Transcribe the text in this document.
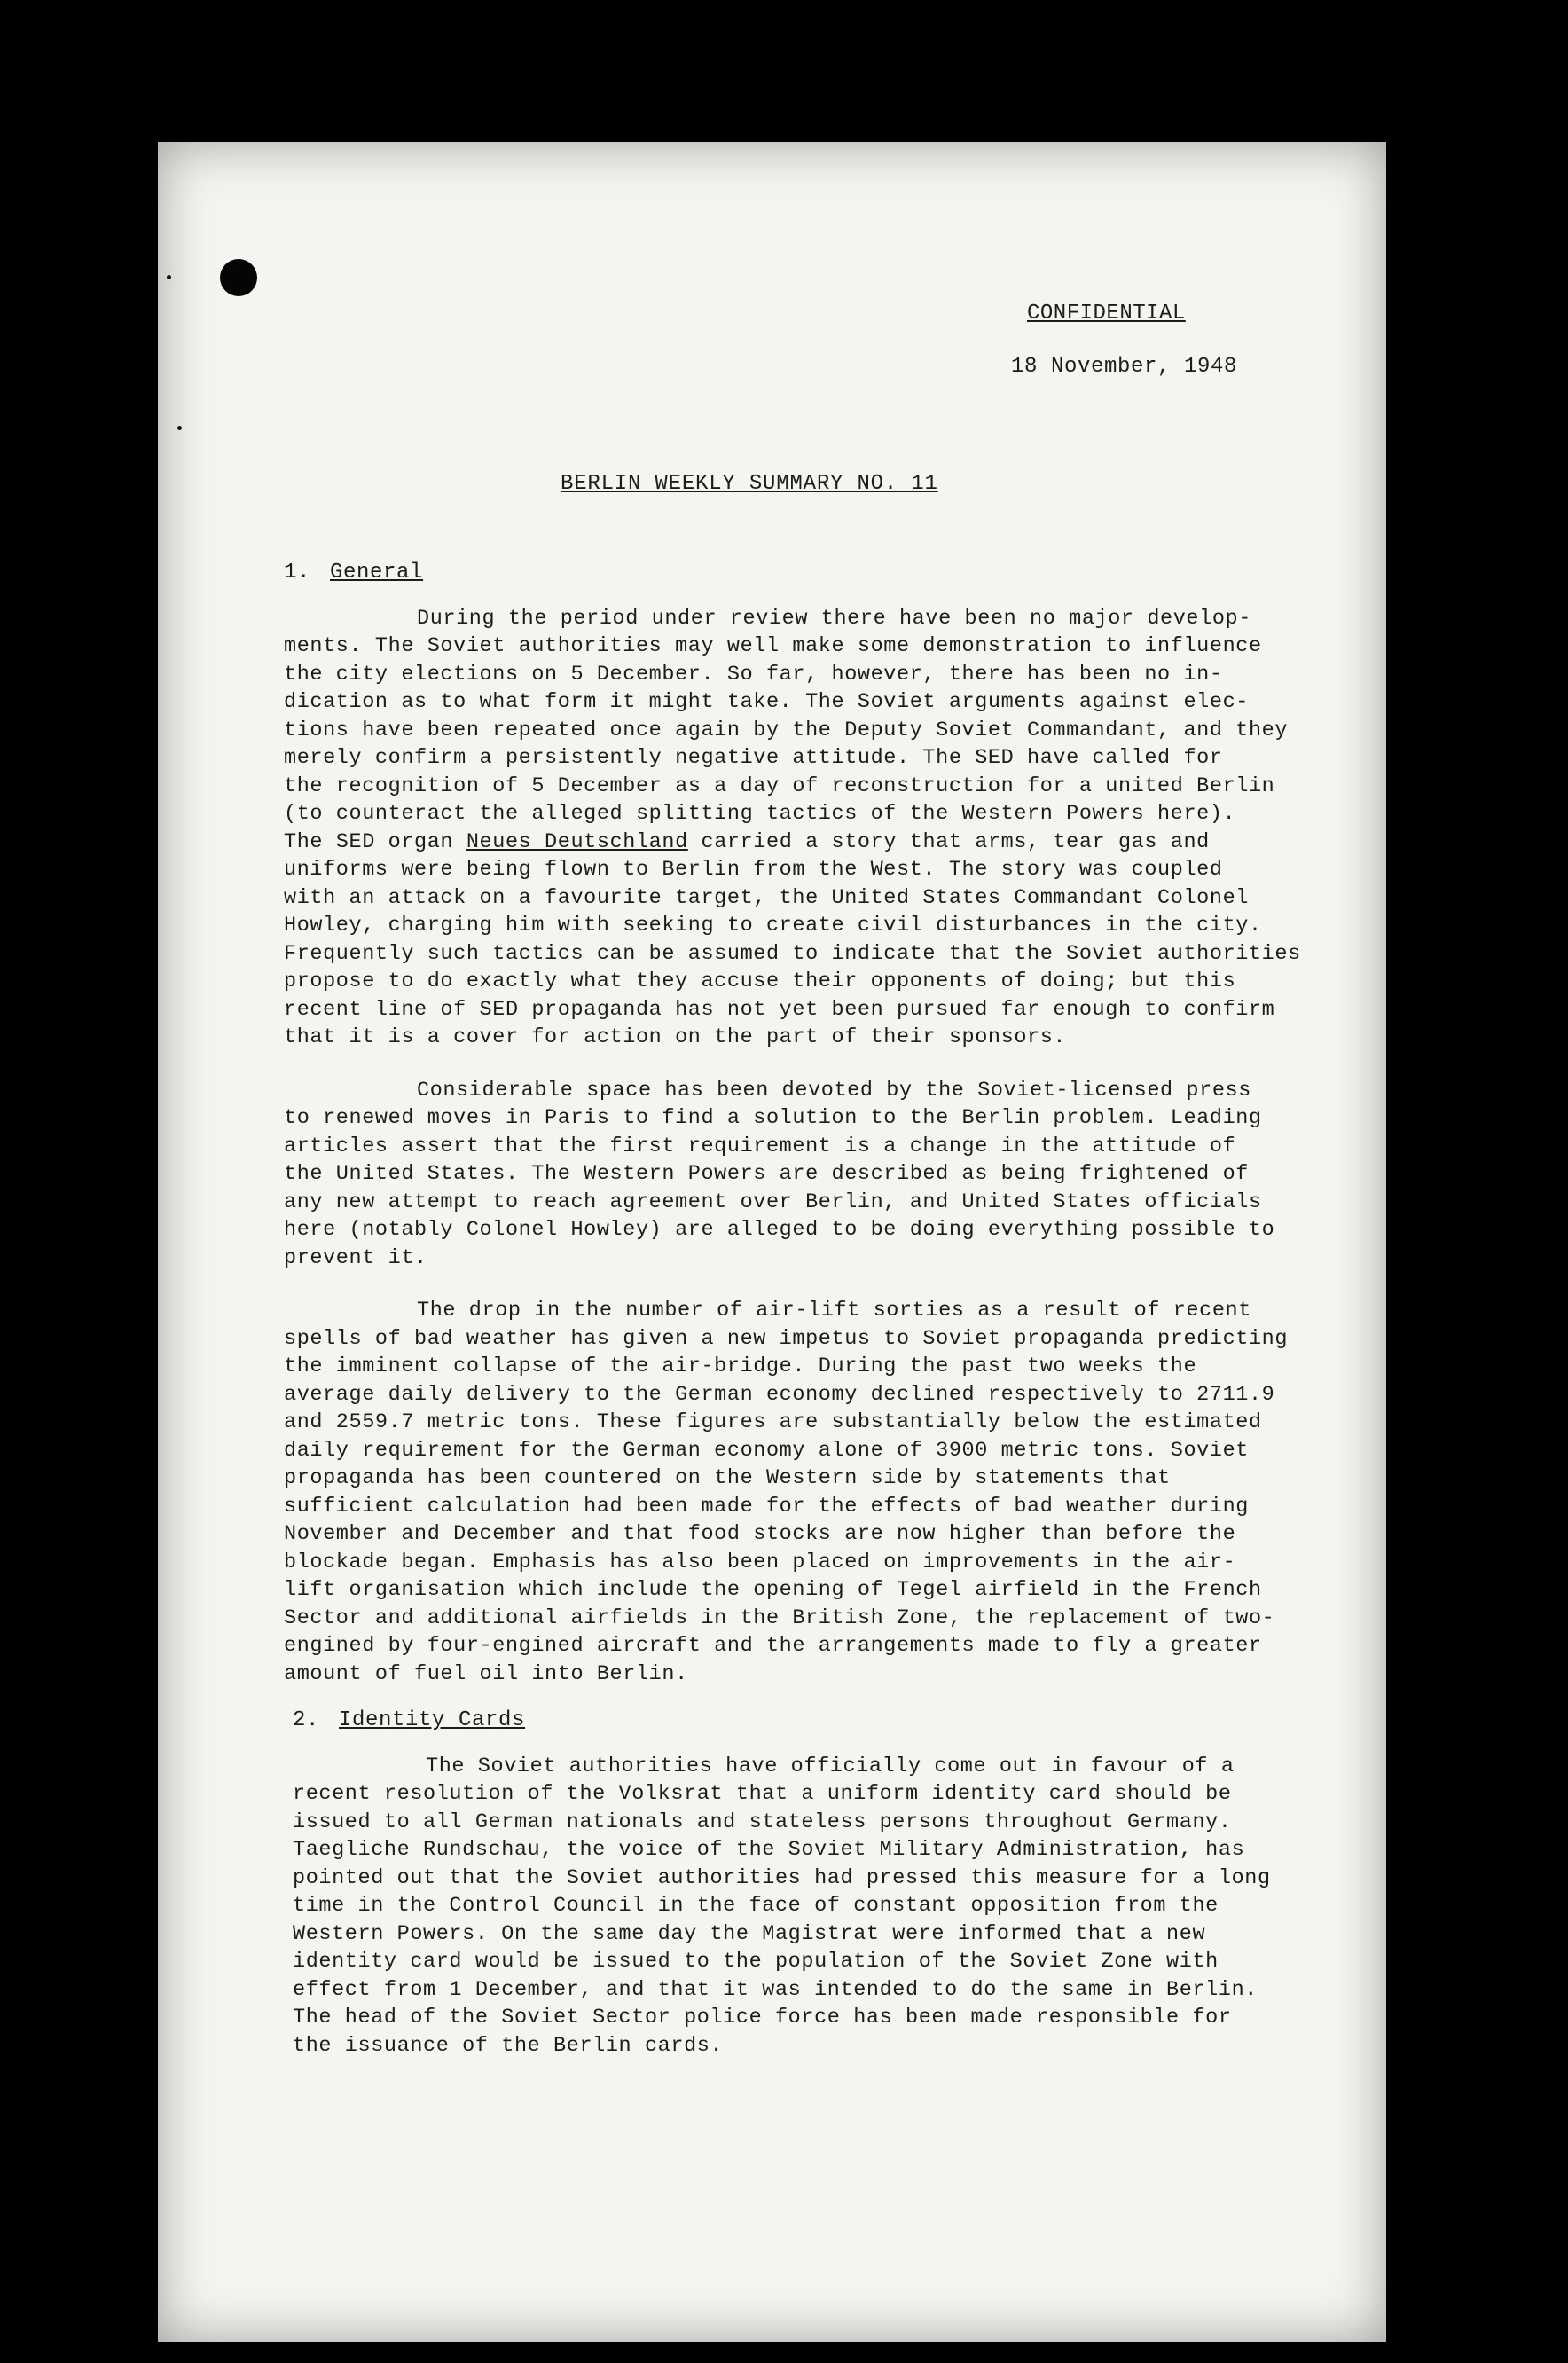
CONFIDENTIAL
18 November, 1948
BERLIN WEEKLY SUMMARY NO. 11
1. General
During the period under review there have been no major develop-
ments. The Soviet authorities may well make some demonstration to influence
the city elections on 5 December. So far, however, there has been no in-
dication as to what form it might take. The Soviet arguments against elec-
tions have been repeated once again by the Deputy Soviet Commandant, and they
merely confirm a persistently negative attitude. The SED have called for
the recognition of 5 December as a day of reconstruction for a united Berlin
(to counteract the alleged splitting tactics of the Western Powers here).
The SED organ Neues Deutschland carried a story that arms, tear gas and
uniforms were being flown to Berlin from the West. The story was coupled
with an attack on a favourite target, the United States Commandant Colonel
Howley, charging him with seeking to create civil disturbances in the city.
Frequently such tactics can be assumed to indicate that the Soviet authorities
propose to do exactly what they accuse their opponents of doing; but this
recent line of SED propaganda has not yet been pursued far enough to confirm
that it is a cover for action on the part of their sponsors.
Considerable space has been devoted by the Soviet-licensed press
to renewed moves in Paris to find a solution to the Berlin problem. Leading
articles assert that the first requirement is a change in the attitude of
the United States. The Western Powers are described as being frightened of
any new attempt to reach agreement over Berlin, and United States officials
here (notably Colonel Howley) are alleged to be doing everything possible to
prevent it.
The drop in the number of air-lift sorties as a result of recent
spells of bad weather has given a new impetus to Soviet propaganda predicting
the imminent collapse of the air-bridge. During the past two weeks the
average daily delivery to the German economy declined respectively to 2711.9
and 2559.7 metric tons. These figures are substantially below the estimated
daily requirement for the German economy alone of 3900 metric tons. Soviet
propaganda has been countered on the Western side by statements that
sufficient calculation had been made for the effects of bad weather during
November and December and that food stocks are now higher than before the
blockade began. Emphasis has also been placed on improvements in the air-
lift organisation which include the opening of Tegel airfield in the French
Sector and additional airfields in the British Zone, the replacement of two-
engined by four-engined aircraft and the arrangements made to fly a greater
amount of fuel oil into Berlin.
2. Identity Cards
The Soviet authorities have officially come out in favour of a
recent resolution of the Volksrat that a uniform identity card should be
issued to all German nationals and stateless persons throughout Germany.
Taegliche Rundschau, the voice of the Soviet Military Administration, has
pointed out that the Soviet authorities had pressed this measure for a long
time in the Control Council in the face of constant opposition from the
Western Powers. On the same day the Magistrat were informed that a new
identity card would be issued to the population of the Soviet Zone with
effect from 1 December, and that it was intended to do the same in Berlin.
The head of the Soviet Sector police force has been made responsible for
the issuance of the Berlin cards.
